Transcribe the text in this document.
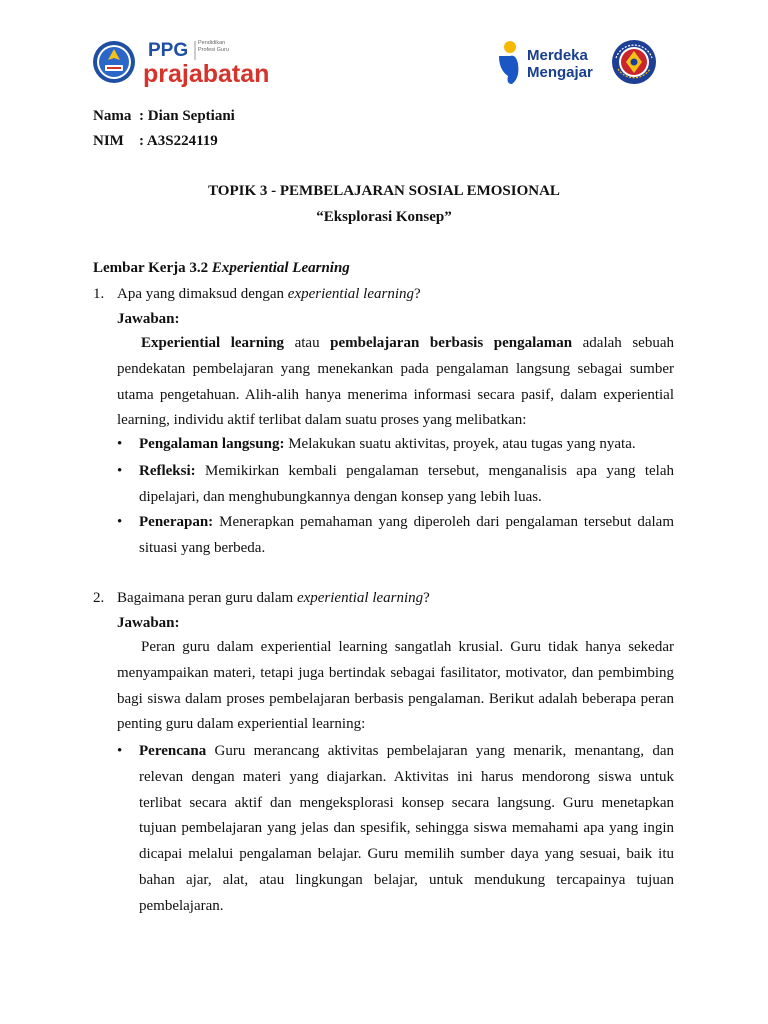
PPG Pendidikan Profesi Guru
prajabatan
Merdeka
Mengajar
Nama : Dian Septiani
NIM : A3S224119
TOPIK 3 - PEMBELAJARAN SOSIAL EMOSIONAL
“Eksplorasi Konsep”
Lembar Kerja 3.2 Experiential Learning
1. Apa yang dimaksud dengan experiential learning?
Jawaban:

Experiential learning atau pembelajaran berbasis pengalaman adalah sebuah pendekatan pembelajaran yang menekankan pada pengalaman langsung sebagai sumber utama pengetahuan. Alih-alih hanya menerima informasi secara pasif, dalam experiential learning, individu aktif terlibat dalam suatu proses yang melibatkan:

• Pengalaman langsung: Melakukan suatu aktivitas, proyek, atau tugas yang nyata.

• Refleksi: Memikirkan kembali pengalaman tersebut, menganalisis apa yang telah dipelajari, dan menghubungkannya dengan konsep yang lebih luas.

• Penerapan: Menerapkan pemahaman yang diperoleh dari pengalaman tersebut dalam situasi yang berbeda.

2. Bagaimana peran guru dalam experiential learning?
Jawaban:

Peran guru dalam experiential learning sangatlah krusial. Guru tidak hanya sekedar menyampaikan materi, tetapi juga bertindak sebagai fasilitator, motivator, dan pembimbing bagi siswa dalam proses pembelajaran berbasis pengalaman. Berikut adalah beberapa peran penting guru dalam experiential learning:

• Perencana Guru merancang aktivitas pembelajaran yang menarik, menantang, dan relevan dengan materi yang diajarkan. Aktivitas ini harus mendorong siswa untuk terlibat secara aktif dan mengeksplorasi konsep secara langsung. Guru menetapkan tujuan pembelajaran yang jelas dan spesifik, sehingga siswa memahami apa yang ingin dicapai melalui pengalaman belajar. Guru memilih sumber daya yang sesuai, baik itu bahan ajar, alat, atau lingkungan belajar, untuk mendukung tercapainya tujuan pembelajaran.
